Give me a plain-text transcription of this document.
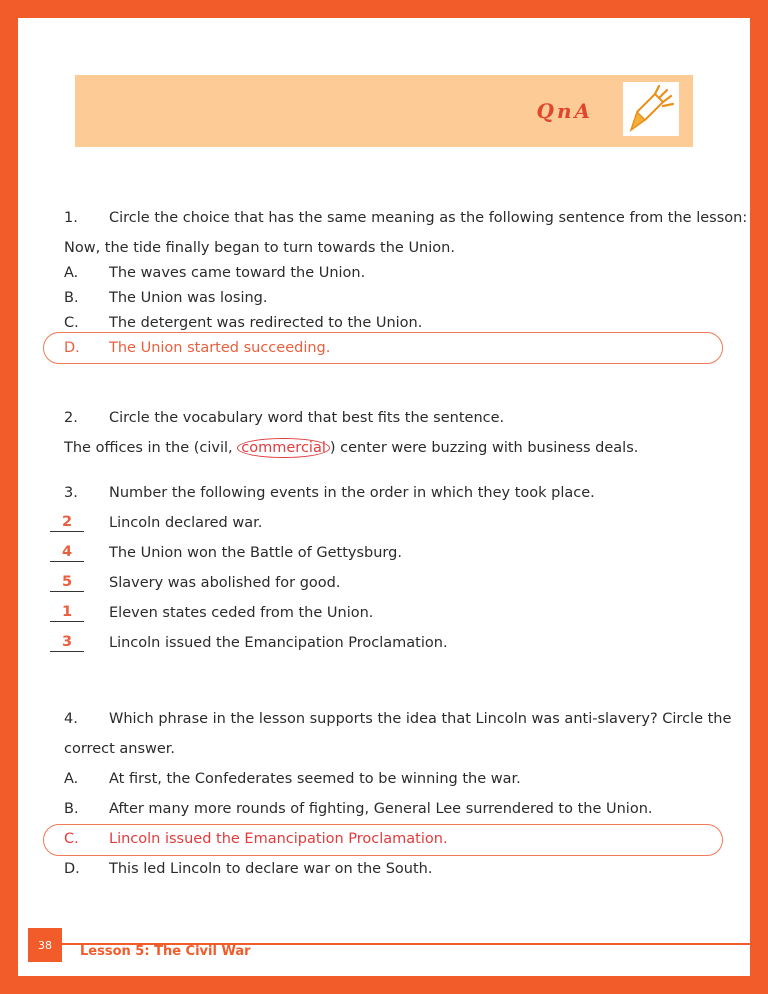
QnA
1. Circle the choice that has the same meaning as the following sentence from the lesson:
Now, the tide finally began to turn towards the Union.
A. The waves came toward the Union.
B. The Union was losing.
C. The detergent was redirected to the Union.
D. The Union started succeeding.
2. Circle the vocabulary word that best fits the sentence.
The offices in the (civil, commercial ) center were buzzing with business deals.
3. Number the following events in the order in which they took place.
2	Lincoln declared war.
4	The Union won the Battle of Gettysburg.
5	Slavery was abolished for good.
1	Eleven states ceded from the Union.
3	Lincoln issued the Emancipation Proclamation.
4. Which phrase in the lesson supports the idea that Lincoln was anti-slavery? Circle the
correct answer.
A. At first, the Confederates seemed to be winning the war.
B. After many more rounds of fighting, General Lee surrendered to the Union.
C. Lincoln issued the Emancipation Proclamation.
D. This led Lincoln to declare war on the South.
38	Lesson 5: The Civil War
